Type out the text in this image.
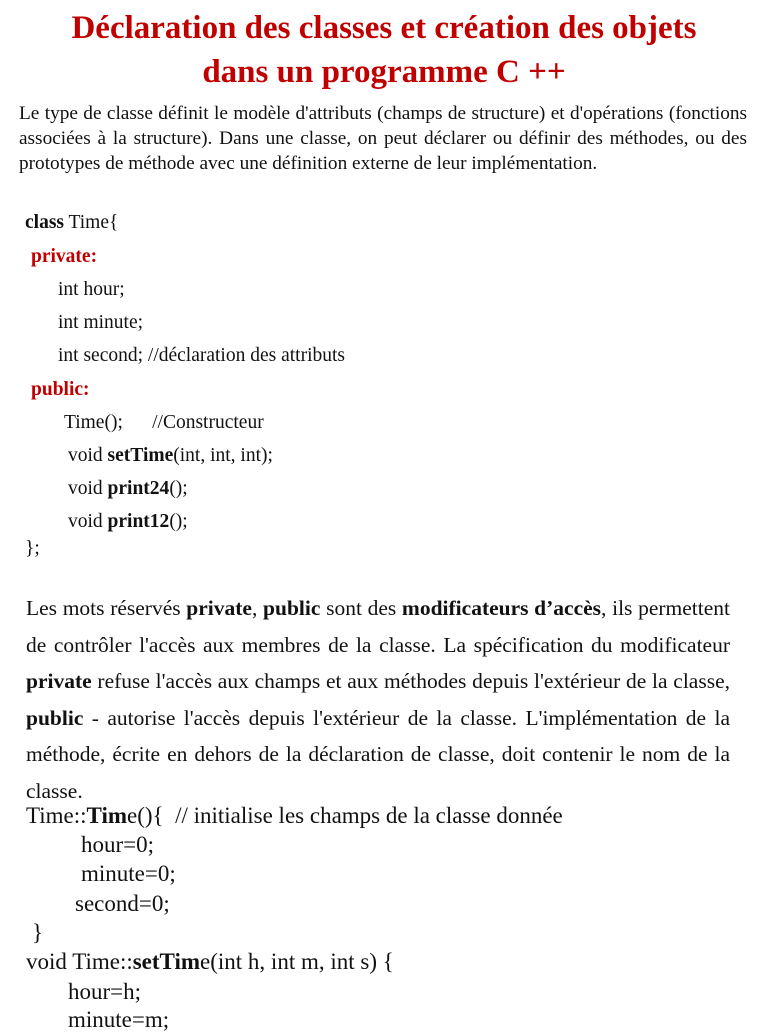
Déclaration des classes et création des objets
dans un programme C ++

Le type de classe définit le modèle d'attributs (champs de structure) et d'opérations (fonctions associées à la structure). Dans une classe, on peut déclarer ou définir des méthodes, ou des prototypes de méthode avec une définition externe de leur implémentation.

class Time{
private:
int hour;
int minute;
int second; //déclaration des attributs
public:
Time();      //Constructeur
void setTime(int, int, int);
void print24();
void print12();
};

Les mots réservés private, public sont des modificateurs d’accès, ils permettent de contrôler l'accès aux membres de la classe. La spécification du modificateur private refuse l'accès aux champs et aux méthodes depuis l'extérieur de la classe, public - autorise l'accès depuis l'extérieur de la classe. L'implémentation de la méthode, écrite en dehors de la déclaration de classe, doit contenir le nom de la classe.

Time::Time(){  // initialise les champs de la classe donnée
hour=0;
minute=0;
second=0;
}
void Time::setTime(int h, int m, int s) {
hour=h;
minute=m;
